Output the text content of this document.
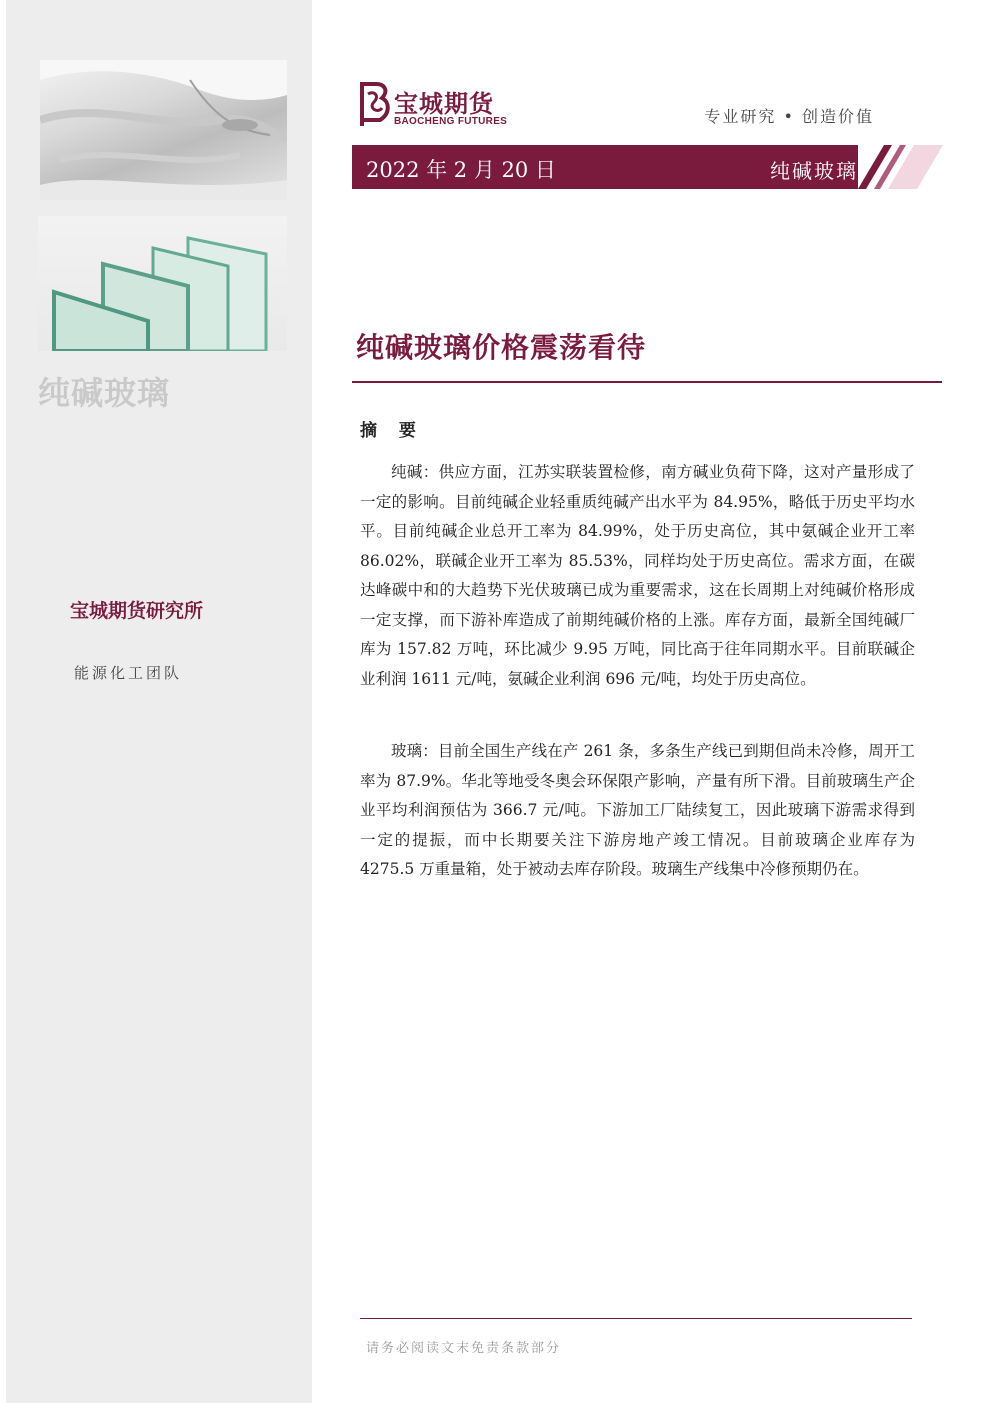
纯碱玻璃
宝城期货研究所
能源化工团队
宝城期货
BAOCHENG FUTURES	专业研究 • 创造价值
2022 年 2 月 20 日	纯碱玻璃
纯碱玻璃价格震荡看待
摘 要

纯碱：供应方面，江苏实联装置检修，南方碱业负荷下降，这对产量形成了一定的影响。目前纯碱企业轻重质纯碱产出水平为 84.95%，略低于历史平均水平。目前纯碱企业总开工率为 84.99%，处于历史高位，其中氨碱企业开工率 86.02%，联碱企业开工率为 85.53%，同样均处于历史高位。需求方面，在碳达峰碳中和的大趋势下光伏玻璃已成为重要需求，这在长周期上对纯碱价格形成一定支撑，而下游补库造成了前期纯碱价格的上涨。库存方面，最新全国纯碱厂库为 157.82 万吨，环比减少 9.95 万吨，同比高于往年同期水平。目前联碱企业利润 1611 元/吨，氨碱企业利润 696 元/吨，均处于历史高位。

玻璃：目前全国生产线在产 261 条，多条生产线已到期但尚未冷修，周开工率为 87.9%。华北等地受冬奥会环保限产影响，产量有所下滑。目前玻璃生产企业平均利润预估为 366.7 元/吨。下游加工厂陆续复工，因此玻璃下游需求得到一定的提振，而中长期要关注下游房地产竣工情况。目前玻璃企业库存为 4275.5 万重量箱，处于被动去库存阶段。玻璃生产线集中冷修预期仍在。

请务必阅读文末免责条款部分
